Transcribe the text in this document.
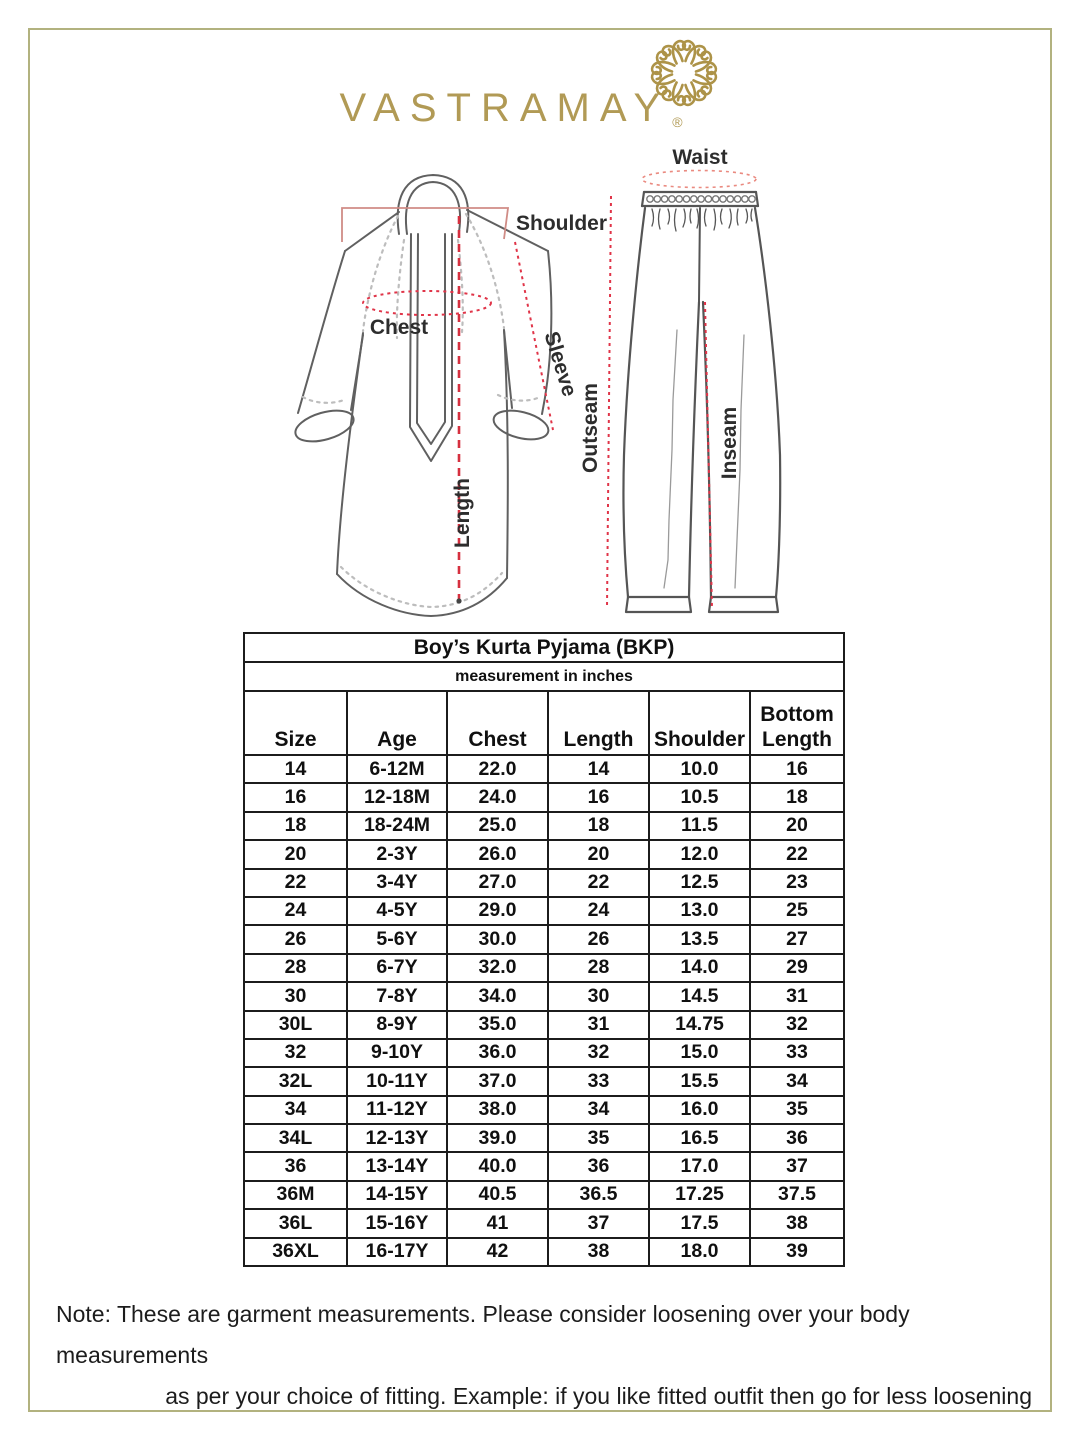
VASTRAMAY ®
Waist
Shoulder
Chest
Sleeve
Length
Outseam	Inseam
Boy’s Kurta Pyjama (BKP)					
measurement in inches					
Size	Age	Chest	Length	Shoulder	Bottom Length
14	6-12M	22.0	14	10.0	16
16	12-18M	24.0	16	10.5	18
18	18-24M	25.0	18	11.5	20
20	2-3Y	26.0	20	12.0	22
22	3-4Y	27.0	22	12.5	23
24	4-5Y	29.0	24	13.0	25
26	5-6Y	30.0	26	13.5	27
28	6-7Y	32.0	28	14.0	29
30	7-8Y	34.0	30	14.5	31
30L	8-9Y	35.0	31	14.75	32
32	9-10Y	36.0	32	15.0	33
32L	10-11Y	37.0	33	15.5	34
34	11-12Y	38.0	34	16.0	35
34L	12-13Y	39.0	35	16.5	36
36	13-14Y	40.0	36	17.0	37
36M	14-15Y	40.5	36.5	17.25	37.5
36L	15-16Y	41	37	17.5	38
36XL	16-17Y	42	38	18.0	39
Note: These are garment measurements. Please consider loosening over your body measurements
as per your choice of fitting. Example: if you like fitted outfit then go for less loosening
